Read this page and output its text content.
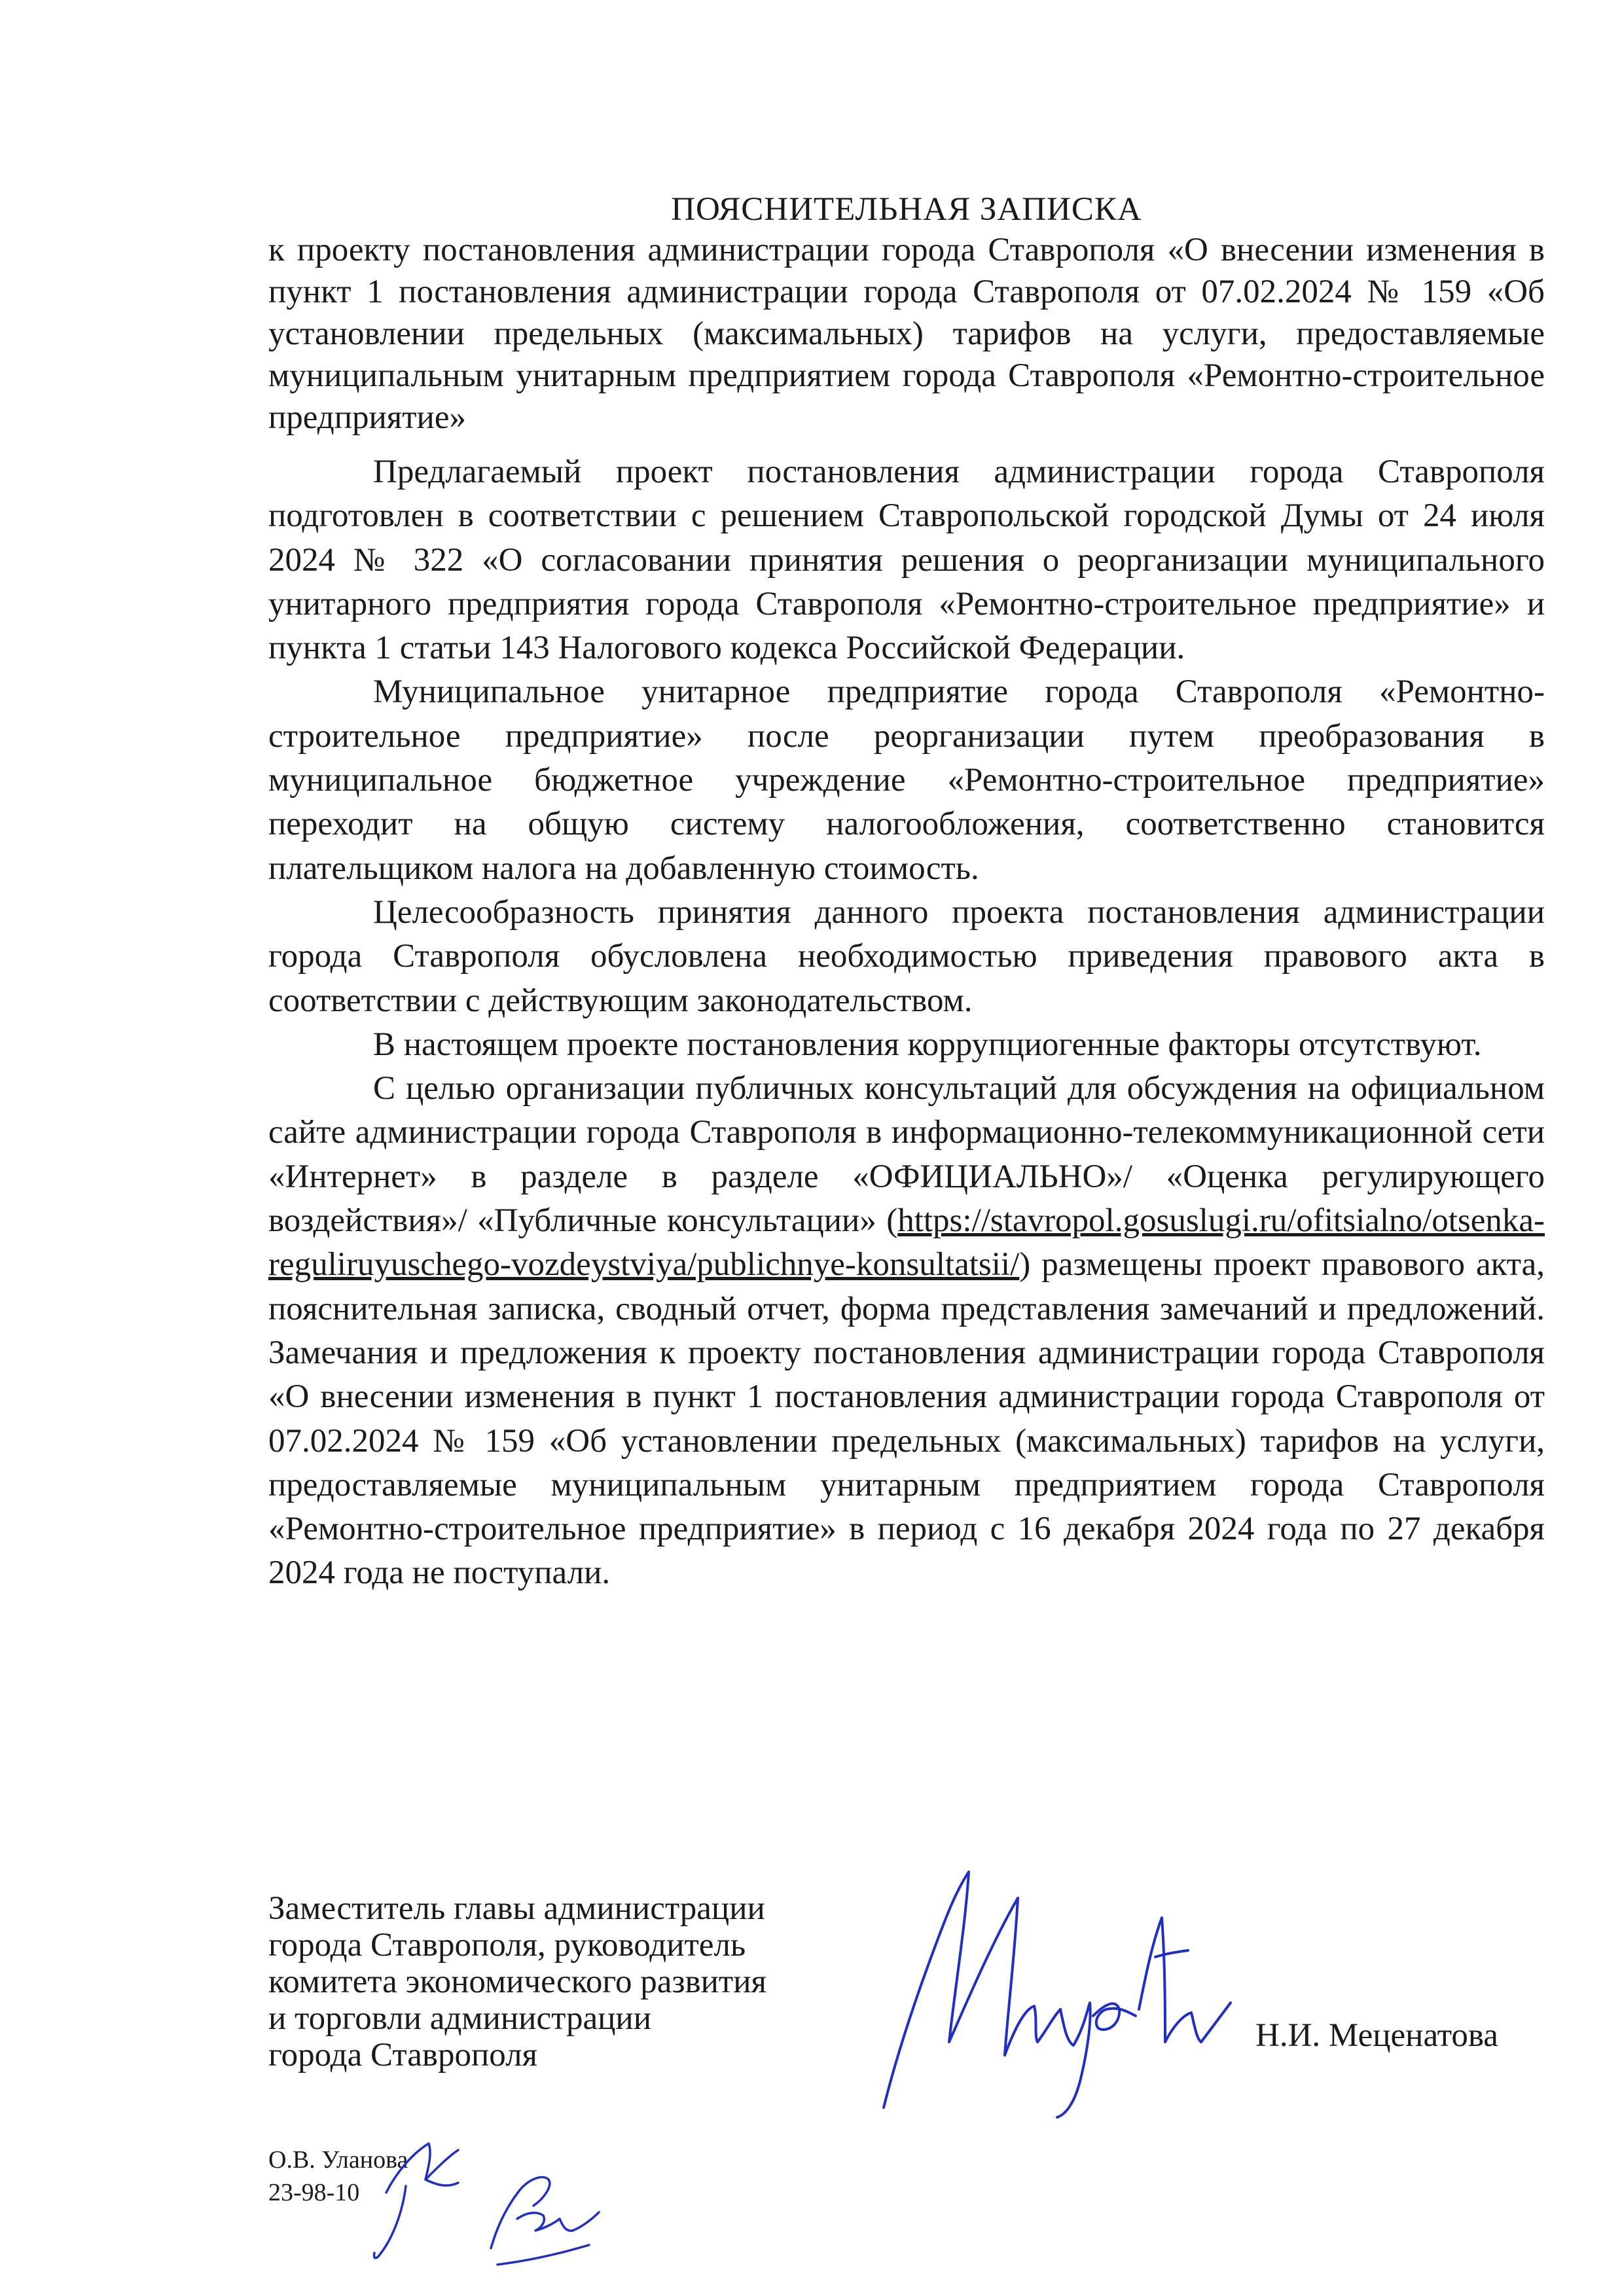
ПОЯСНИТЕЛЬНАЯ ЗАПИСКА

к проекту постановления администрации города Ставрополя «О внесении изменения в пункт 1 постановления администрации города Ставрополя от 07.02.2024 № 159 «Об установлении предельных (максимальных) тарифов на услуги, предоставляемые муниципальным унитарным предприятием города Ставрополя «Ремонтно-строительное предприятие»

Предлагаемый проект постановления администрации города Ставрополя подготовлен в соответствии с решением Ставропольской городской Думы от 24 июля 2024 № 322 «О согласовании принятия решения о реорганизации муниципального унитарного предприятия города Ставрополя «Ремонтно-строительное предприятие» и пункта 1 статьи 143 Налогового кодекса Российской Федерации.

Муниципальное унитарное предприятие города Ставрополя «Ремонтно-строительное предприятие» после реорганизации путем преобразования в муниципальное бюджетное учреждение «Ремонтно-строительное предприятие» переходит на общую систему налогообложения, соответственно становится плательщиком налога на добавленную стоимость.

Целесообразность принятия данного проекта постановления администрации города Ставрополя обусловлена необходимостью приведения правового акта в соответствии с действующим законодательством.

В настоящем проекте постановления коррупциогенные факторы отсутствуют.

С целью организации публичных консультаций для обсуждения на официальном сайте администрации города Ставрополя в информационно-телекоммуникационной сети «Интернет» в разделе в разделе «ОФИЦИАЛЬНО»/ «Оценка регулирующего воздействия»/ «Публичные консультации» (https://stavropol.gosuslugi.ru/ofitsialno/otsenka-reguliruyuschego-vozdeystviya/publichnye-konsultatsii/) размещены проект правового акта, пояснительная записка, сводный отчет, форма представления замечаний и предложений. Замечания и предложения к проекту постановления администрации города Ставрополя «О внесении изменения в пункт 1 постановления администрации города Ставрополя от 07.02.2024 № 159 «Об установлении предельных (максимальных) тарифов на услуги, предоставляемые муниципальным унитарным предприятием города Ставрополя «Ремонтно-строительное предприятие» в период с 16 декабря 2024 года по 27 декабря 2024 года не поступали.

Заместитель главы администрации
города Ставрополя, руководитель
комитета экономического развития
и торговли администрации
города Ставрополя
Н.И. Меценатова
О.В. Уланова
23-98-10
